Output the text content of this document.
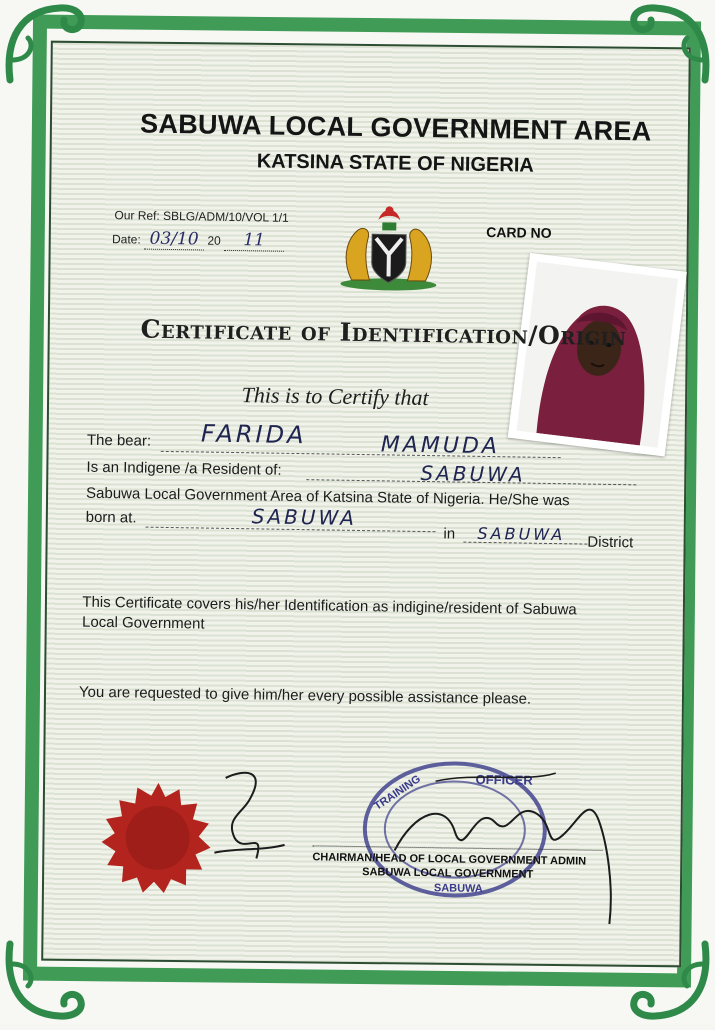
SABUWA LOCAL GOVERNMENT AREA
KATSINA STATE OF NIGERIA
Our Ref: SBLG/ADM/10/VOL 1/1
Date: 03/10 20 11	CARD NO
Certificate of Identification/Origin
This is to Certify that
The bear: FARIDA	MAMUDA
Is an Indigene /a Resident of:	SABUWA
Sabuwa Local Government Area of Katsina State of Nigeria. He/She was
born at.	SABUWA
in SABUWA District
This Certificate covers his/her Identification as indigine/resident of Sabuwa
Local Government
You are requested to give him/her every possible assistance please.
OFFICER
TRAINING
SABUWA
CHAIRMAN/HEAD OF LOCAL GOVERNMENT ADMIN
SABUWA LOCAL GOVERNMENT
